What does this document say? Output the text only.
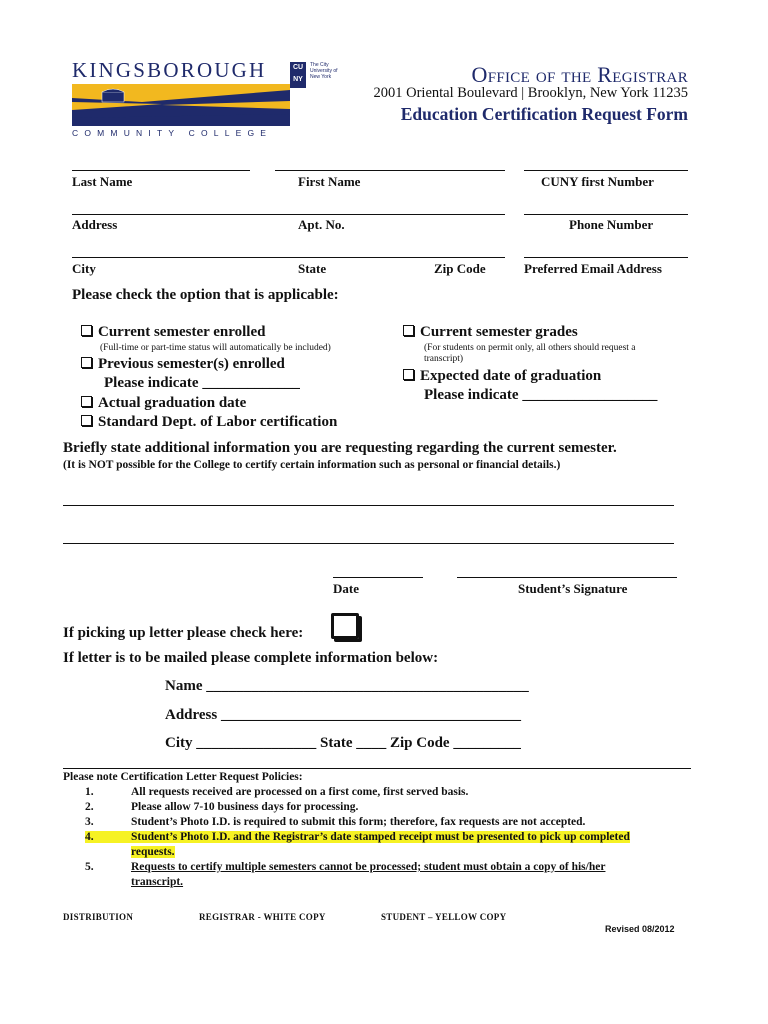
KINGSBOROUGH	CU NY
The City University of New York
COMMUNITY COLLEGE
Office of the Registrar
2001 Oriental Boulevard | Brooklyn, New York 11235
Education Certification Request Form
Last Name	First Name	CUNY first Number
Address	Apt. No.	Phone Number
City	State	Zip Code	Preferred Email Address
Please check the option that is applicable:
Current semester enrolled
(Full-time or part-time status will automatically be included)
Previous semester(s) enrolled
Please indicate _____________
Actual graduation date
Standard Dept. of Labor certification
Current semester grades
(For students on permit only, all others should request a
transcript)
Expected date of graduation
Please indicate __________________
Briefly state additional information you are requesting regarding the current semester.
(It is NOT possible for the College to certify certain information such as personal or financial details.)
Date	Student’s Signature
If picking up letter please check here:
If letter is to be mailed please complete information below:
Name ___________________________________________
Address ________________________________________
City ________________ State ____ Zip Code _________
Please note Certification Letter Request Policies:
1.	All requests received are processed on a first come, first served basis.
2.	Please allow 7-10 business days for processing.
3.	Student’s Photo I.D. is required to submit this form; therefore, fax requests are not accepted.
4.	Student’s Photo I.D. and the Registrar’s date stamped receipt must be presented to pick up completed
requests.
5.	Requests to certify multiple semesters cannot be processed; student must obtain a copy of his/her
transcript.
DISTRIBUTION	REGISTRAR - WHITE COPY	STUDENT – YELLOW COPY
Revised 08/2012
